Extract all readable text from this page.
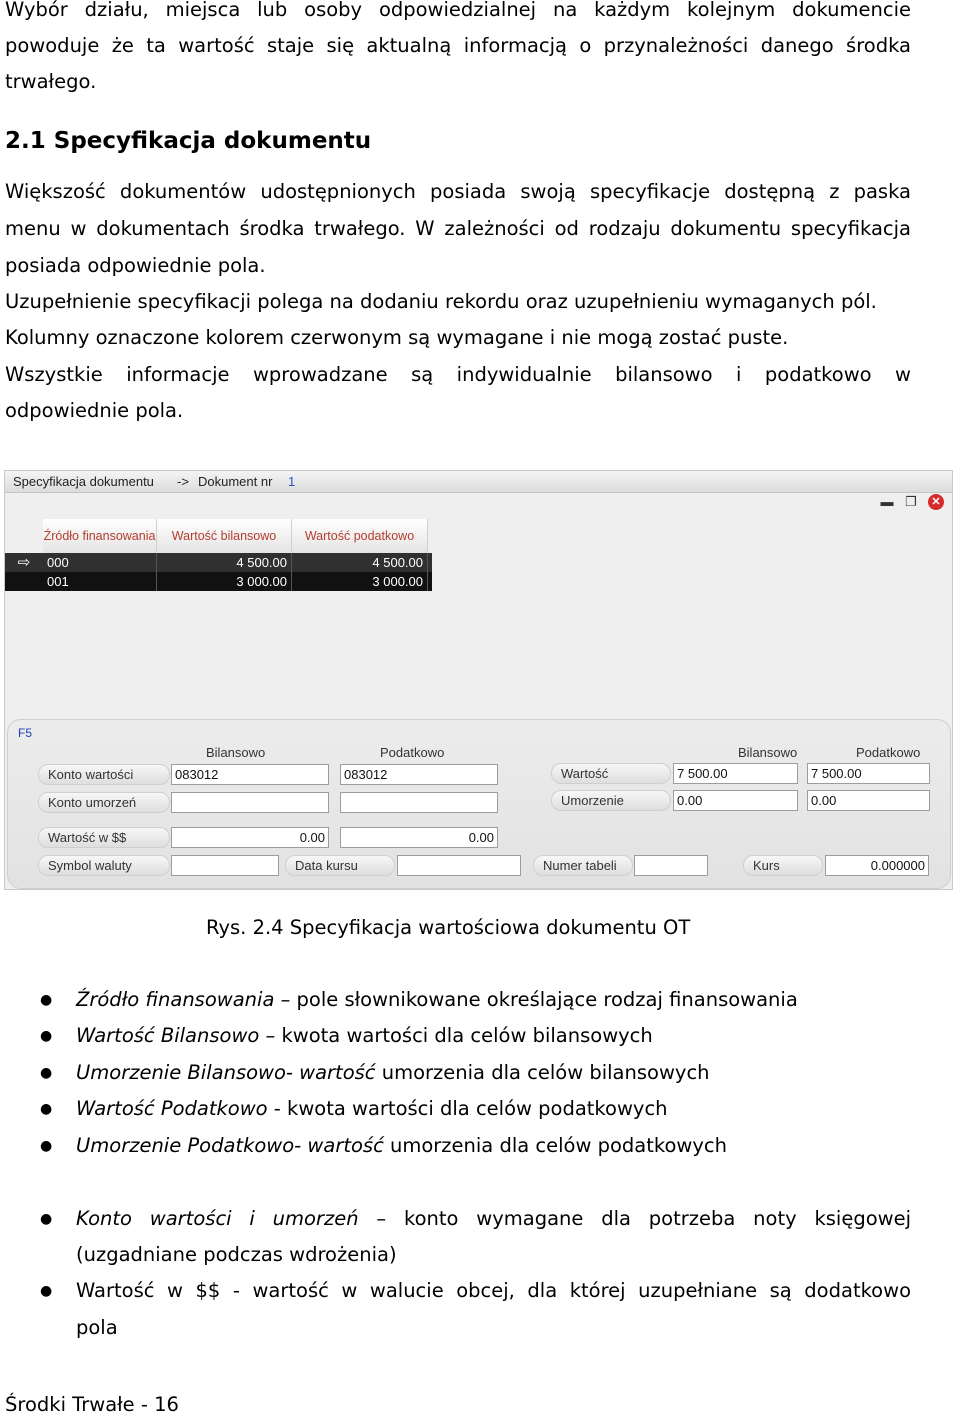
Wybór działu, miejsca lub osoby odpowiedzialnej na każdym kolejnym dokumencie
powoduje że ta wartość staje się aktualną informacją o przynależności danego środka
trwałego.
2.1 Specyfikacja dokumentu
Większość dokumentów udostępnionych posiada swoją specyfikacje dostępną z paska
menu w dokumentach środka trwałego. W zależności od rodzaju dokumentu specyfikacja
posiada odpowiednie pola.
Uzupełnienie specyfikacji polega na dodaniu rekordu oraz uzupełnieniu wymaganych pól.
Kolumny oznaczone kolorem czerwonym są wymagane i nie mogą zostać puste.
Wszystkie informacje wprowadzane są indywidualnie bilansowo i podatkowo w
odpowiednie pola.
Specyfikacja dokumentu -> Dokument nr 1
▬ ❐	✕
Źródło finansowania	Wartość bilansowo	Wartość podatkowo
⇨	000	4 500.00	4 500.00
001	3 000.00	3 000.00
F5
Bilansowo	Podatkowo	Bilansowo	Podatkowo
Konto wartości	083012	083012
Konto umorzeń
Wartość w $$	0.00	0.00
Symbol waluty	Data kursu	Numer tabeli	Kurs	0.000000
Wartość	7 500.00	7 500.00
Umorzenie	0.00	0.00
Rys. 2.4 Specyfikacja wartościowa dokumentu OT
● Źródło finansowania – pole słownikowane określające rodzaj finansowania
● Wartość Bilansowo – kwota wartości dla celów bilansowych
● Umorzenie Bilansowo- wartość umorzenia dla celów bilansowych
● Wartość Podatkowo - kwota wartości dla celów podatkowych
● Umorzenie Podatkowo- wartość umorzenia dla celów podatkowych
● Konto wartości i umorzeń – konto wymagane dla potrzeba noty księgowej
(uzgadniane podczas wdrożenia)
● Wartość w $$ - wartość w walucie obcej, dla której uzupełniane są dodatkowo
pola
Środki Trwałe - 16
